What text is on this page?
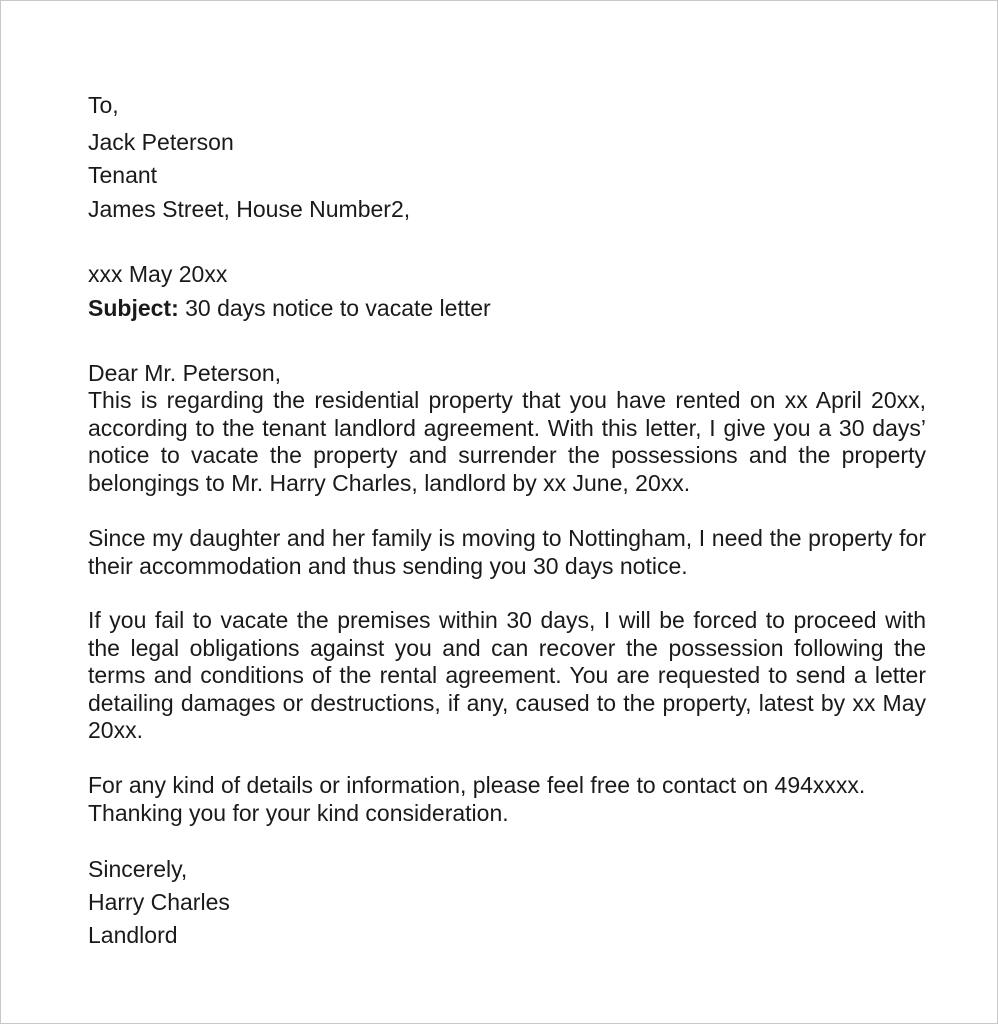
To,
Jack Peterson
Tenant
James Street, House Number2,
xxx May 20xx
Subject: 30 days notice to vacate letter
Dear Mr. Peterson,
This is regarding the residential property that you have rented on xx April 20xx, according to the tenant landlord agreement. With this letter, I give you a 30 days’ notice to vacate the property and surrender the possessions and the property belongings to Mr. Harry Charles, landlord by xx June, 20xx.
Since my daughter and her family is moving to Nottingham, I need the property for their accommodation and thus sending you 30 days notice.
If you fail to vacate the premises within 30 days, I will be forced to proceed with the legal obligations against you and can recover the possession following the terms and conditions of the rental agreement. You are requested to send a letter detailing damages or destructions, if any, caused to the property, latest by xx May 20xx.
For any kind of details or information, please feel free to contact on 494xxxx.
Thanking you for your kind consideration.
Sincerely,
Harry Charles
Landlord
